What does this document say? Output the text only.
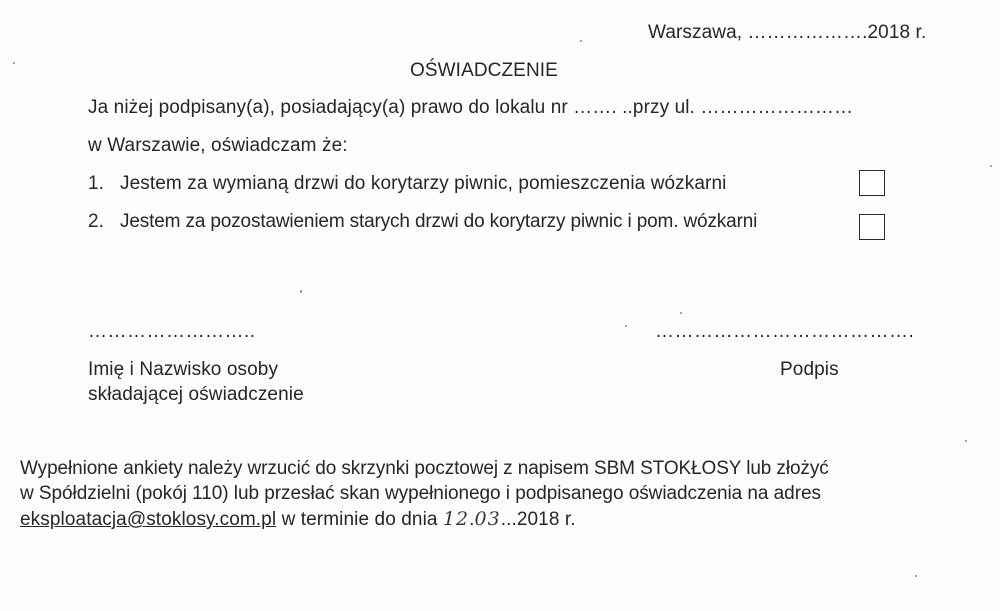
Warszawa, ……………….2018 r.
OŚWIADCZENIE
Ja niżej podpisany(a), posiadający(a) prawo do lokalu nr ……. ..przy ul. ……………………
w Warszawie, oświadczam że:
1. Jestem za wymianą drzwi do korytarzy piwnic, pomieszczenia wózkarni
2. Jestem za pozostawieniem starych drzwi do korytarzy piwnic i pom. wózkarni
……………………..
Imię i Nazwisko osoby
składającej oświadczenie
………………………………….
Podpis
Wypełnione ankiety należy wrzucić do skrzynki pocztowej z napisem SBM STOKŁOSY lub złożyć
w Spółdzielni (pokój 110) lub przesłać skan wypełnionego i podpisanego oświadczenia na adres
eksploatacja@stoklosy.com.pl w terminie do dnia 12.03...2018 r.
